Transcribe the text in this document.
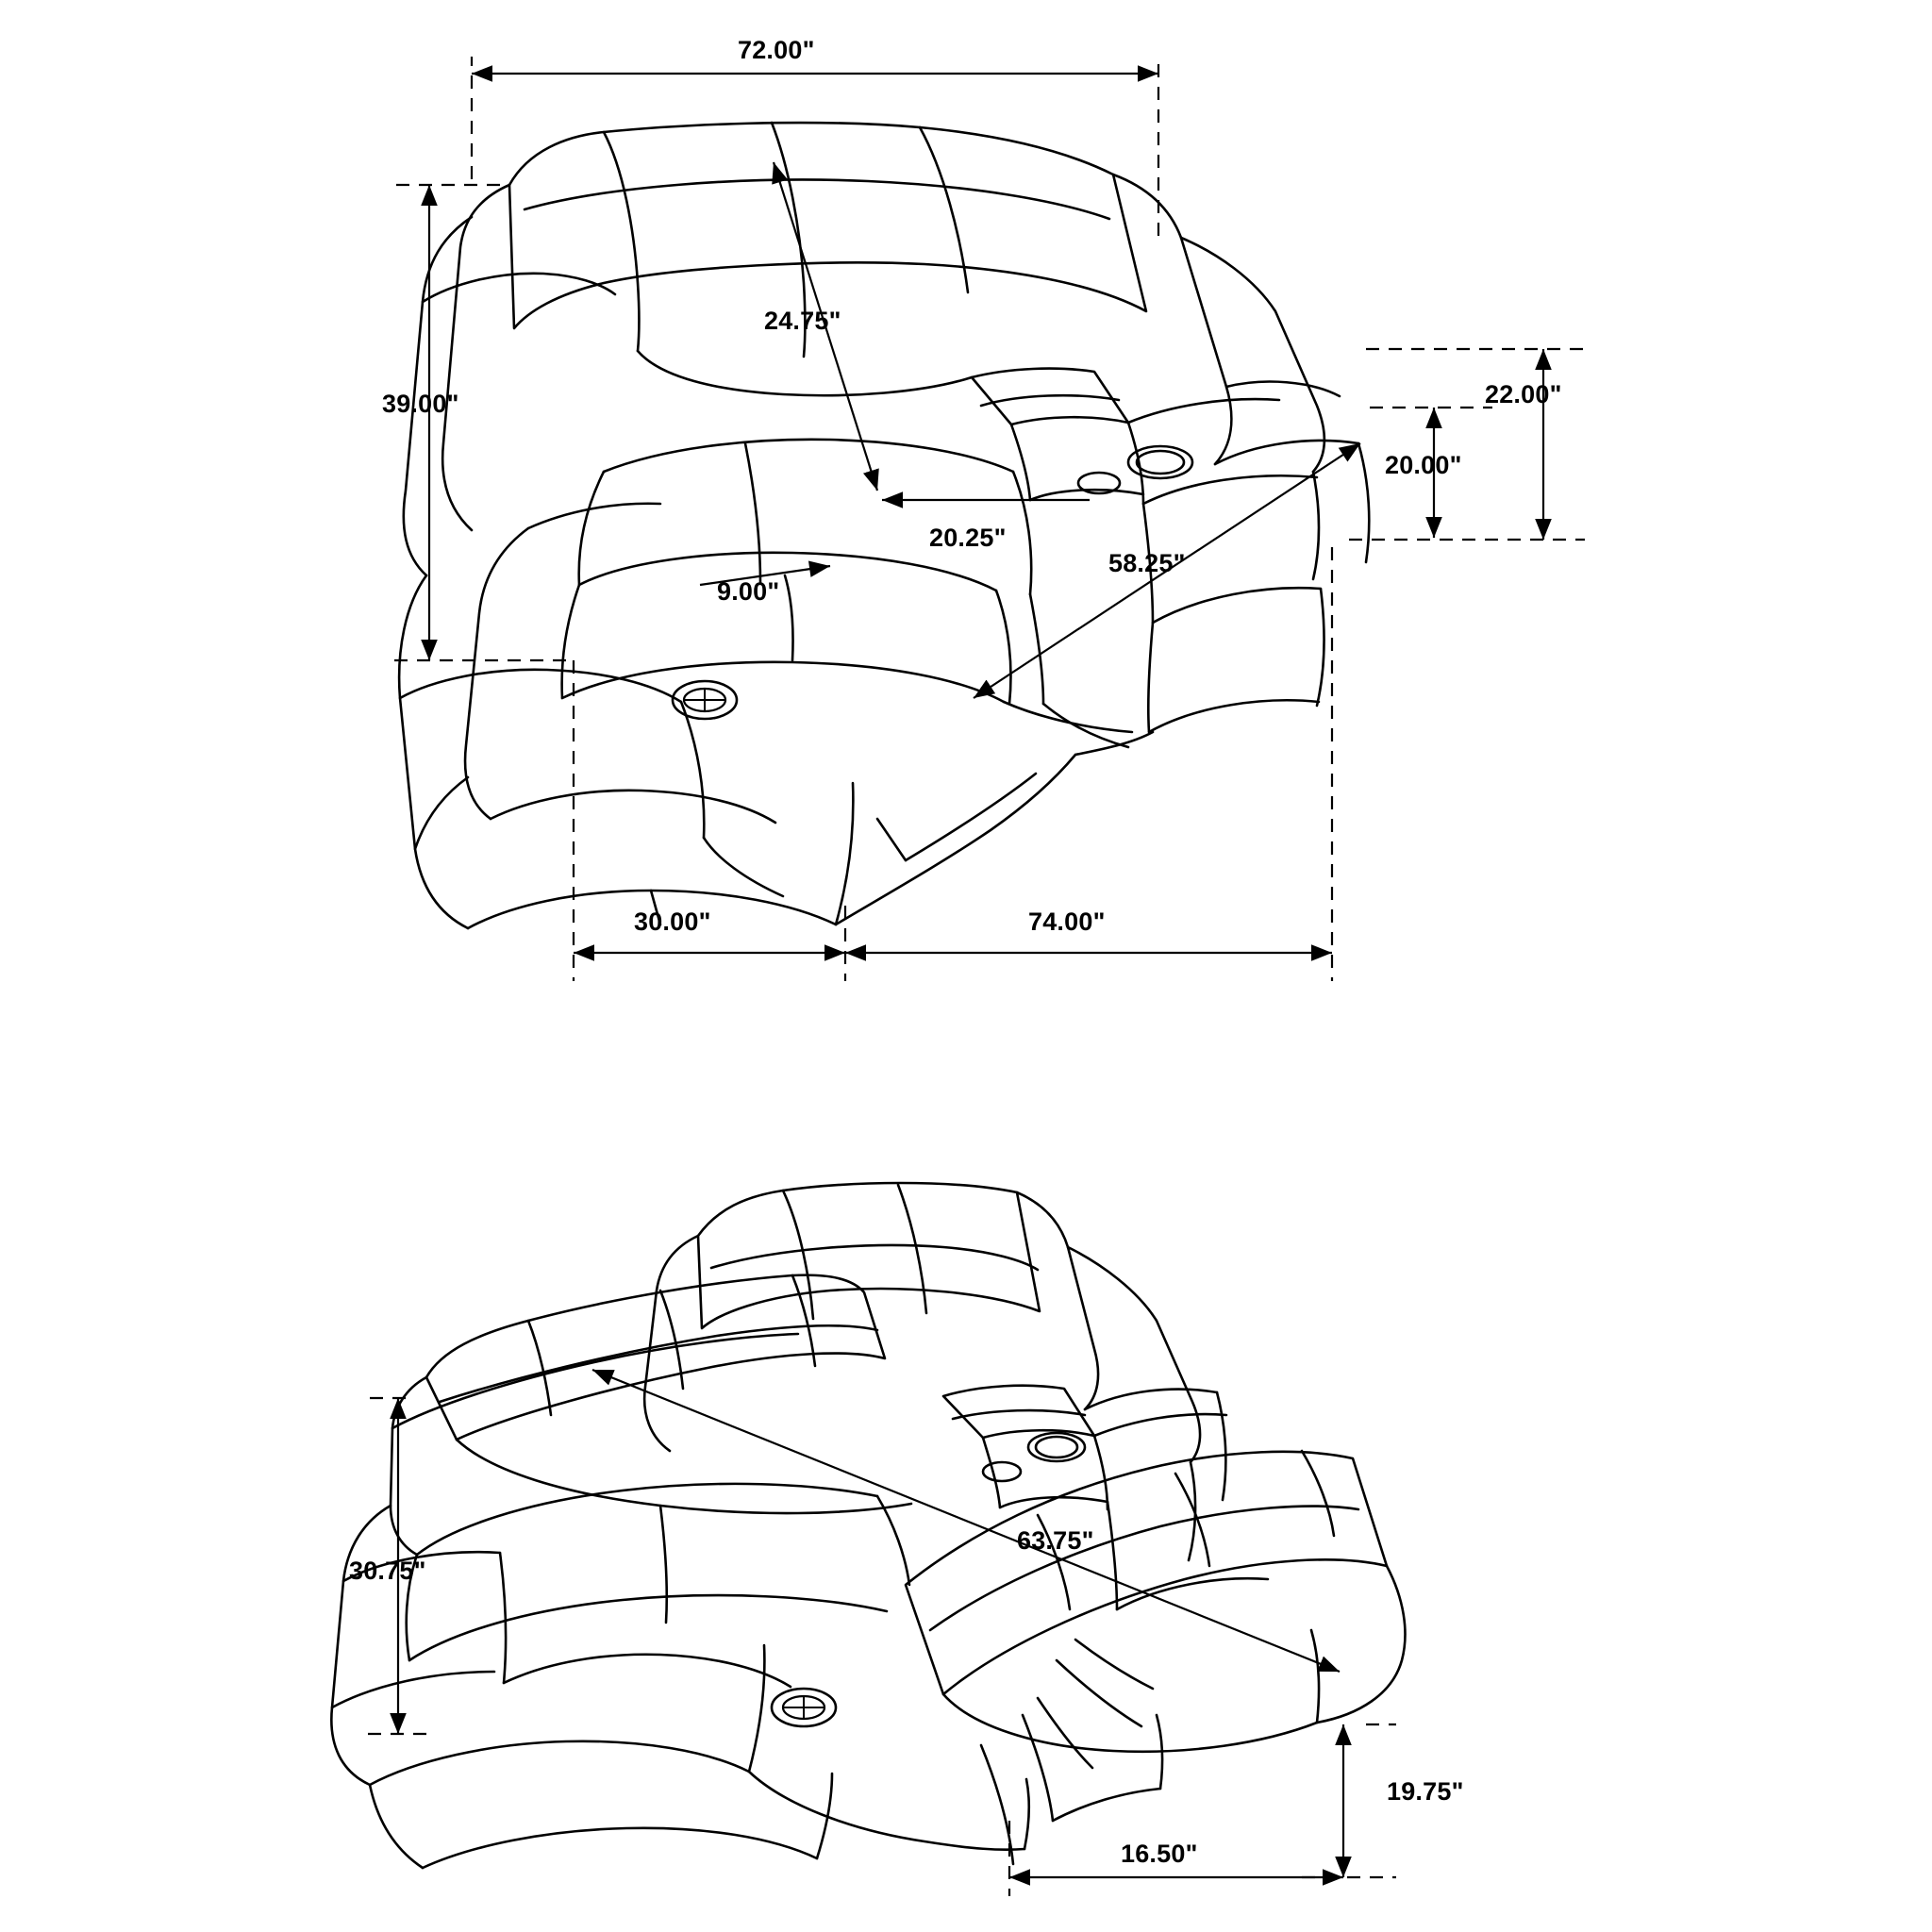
72.00"
39.00"
24.75"
20.25"
22.00"
20.00"
58.25"
9.00"
30.00"	74.00"
30.75"
63.75"
19.75"
16.50"
